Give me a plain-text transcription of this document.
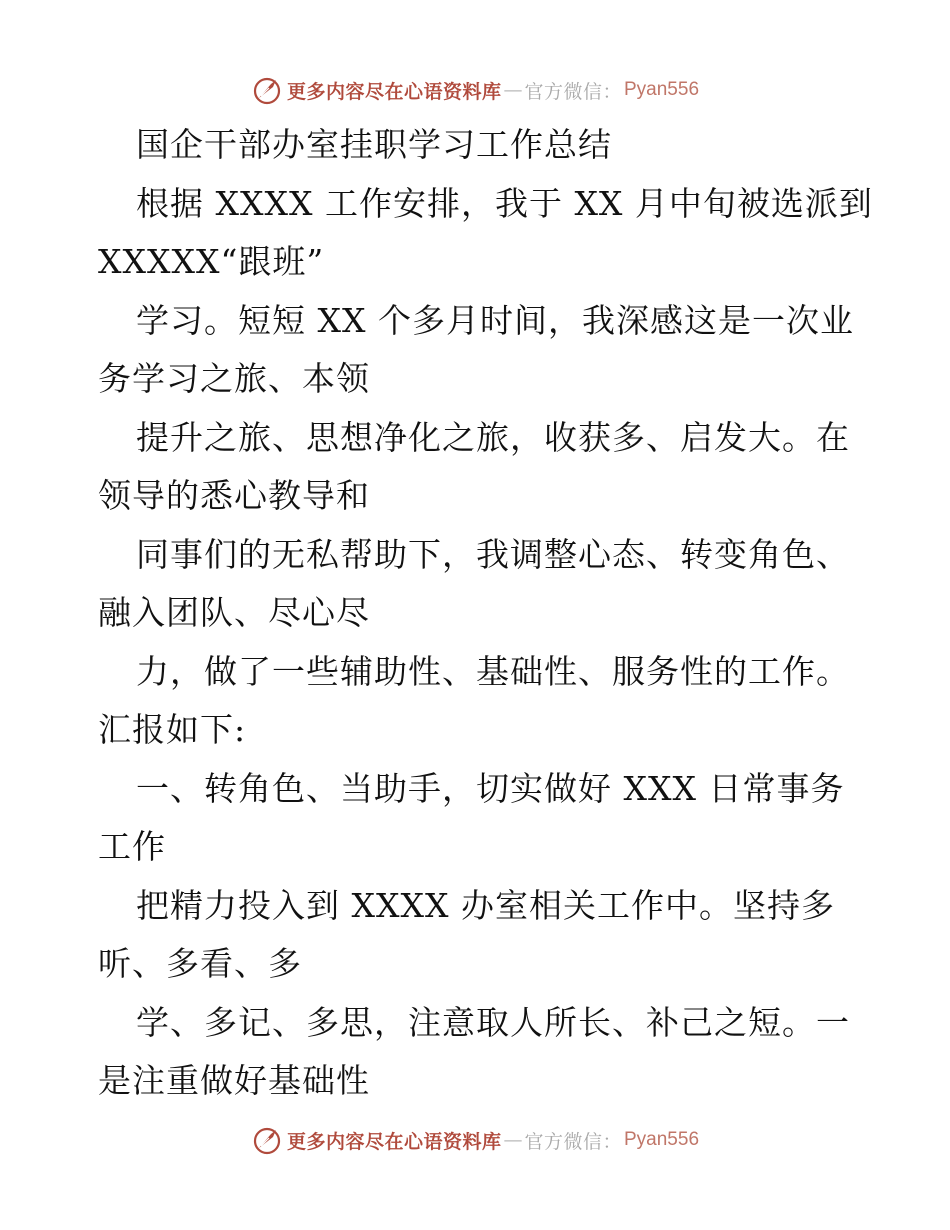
更多内容尽在心语资料库 — 官方微信： Pyan556
国企干部办室挂职学习工作总结
根据 XXXX 工作安排，我于 XX 月中旬被选派到
XXXXX“跟班”
学习。短短 XX 个多月时间，我深感这是一次业
务学习之旅、本领
提升之旅、思想净化之旅，收获多、启发大。在
领导的悉心教导和
同事们的无私帮助下，我调整心态、转变角色、
融入团队、尽心尽
力，做了一些辅助性、基础性、服务性的工作。
汇报如下:
一、转角色、当助手，切实做好 XXX 日常事务
工作
把精力投入到 XXXX 办室相关工作中。坚持多
听、多看、多
学、多记、多思，注意取人所长、补己之短。一
是注重做好基础性
更多内容尽在心语资料库 — 官方微信： Pyan556
